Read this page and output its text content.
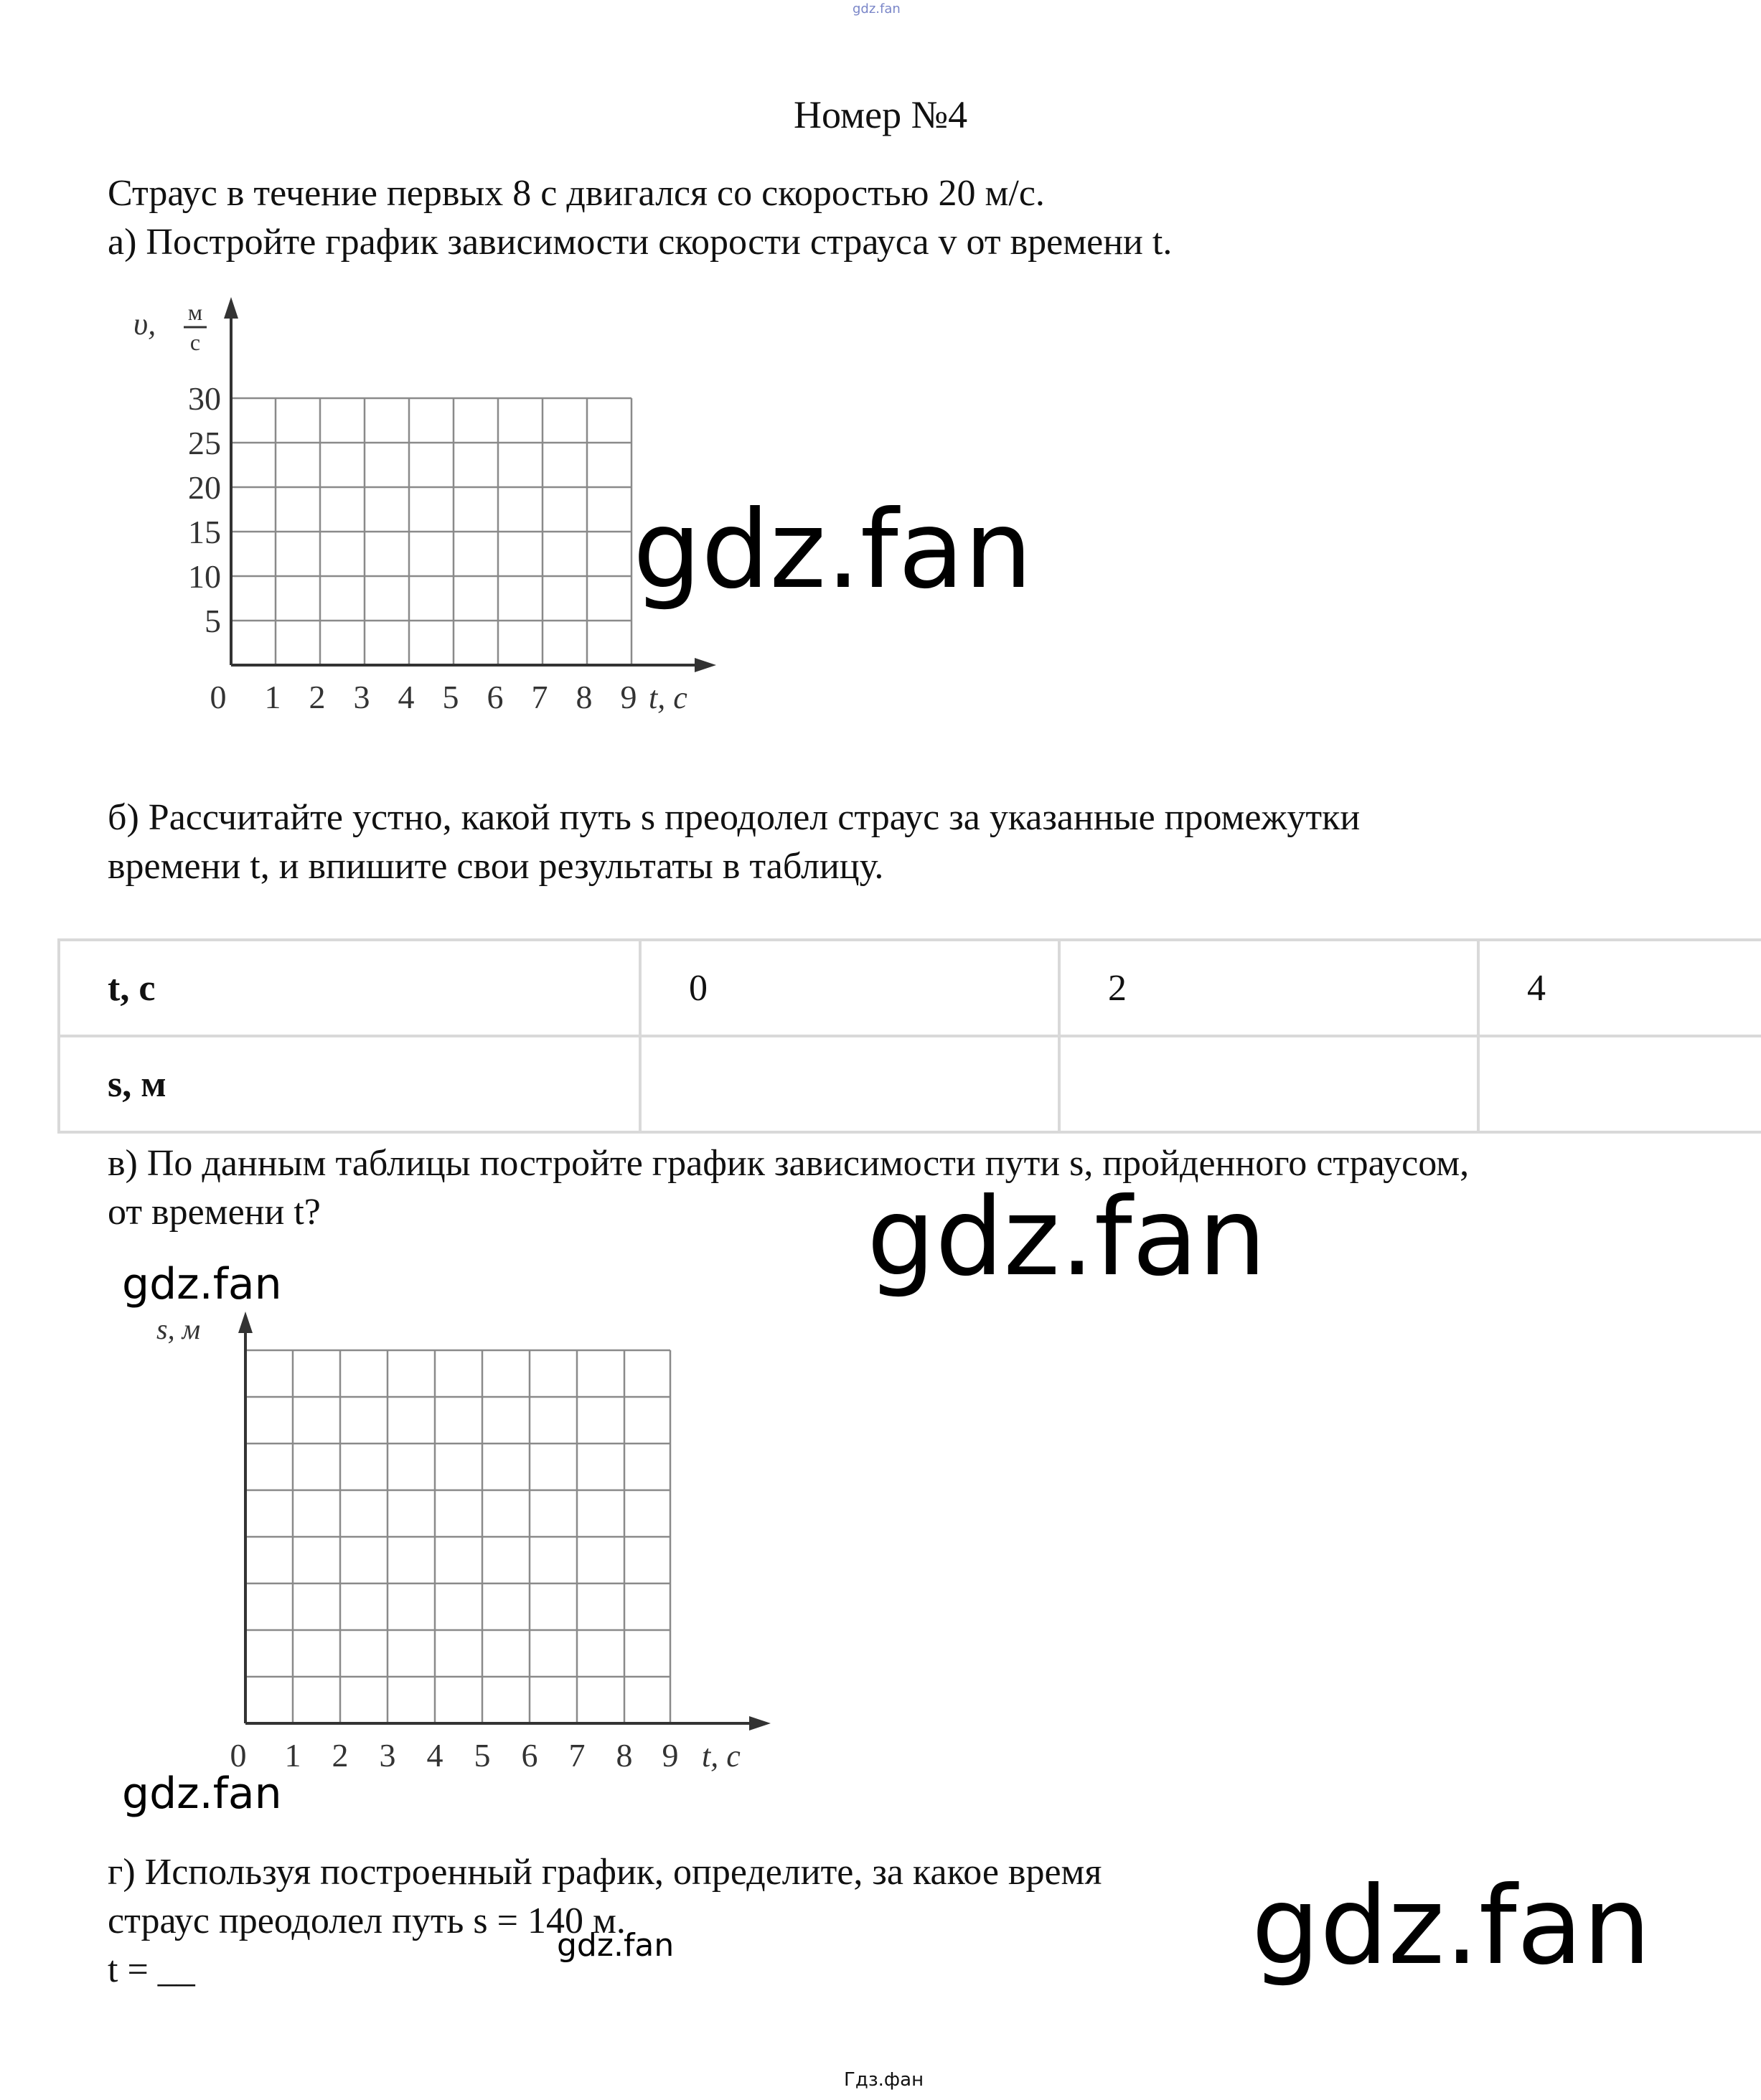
gdz.fan
Номер №4
Страус в течение первых 8 с двигался со скоростью 20 м/с.
а) Постройте график зависимости скорости страуса v от времени t.
υ, м
с
30
25
20
15
10
5
0 1 2 3 4 5 6 7 8 9 t, с
gdz.fan
б) Рассчитайте устно, какой путь s преодолел страус за указанные промежутки
времени t, и впишите свои результаты в таблицу.
t, с	0	2	4
s, м			
в) По данным таблицы постройте график зависимости пути s, пройденного страусом,
от времени t?	gdz.fan
gdz.fan
s, м
0 1 2 3 4 5 6 7 8 9 t, с
gdz.fan
г) Используя построенный график, определите, за какое время
страус преодолел путь s = 140 м.
t = __
gdz.fan	gdz.fan
Гдз.фан
